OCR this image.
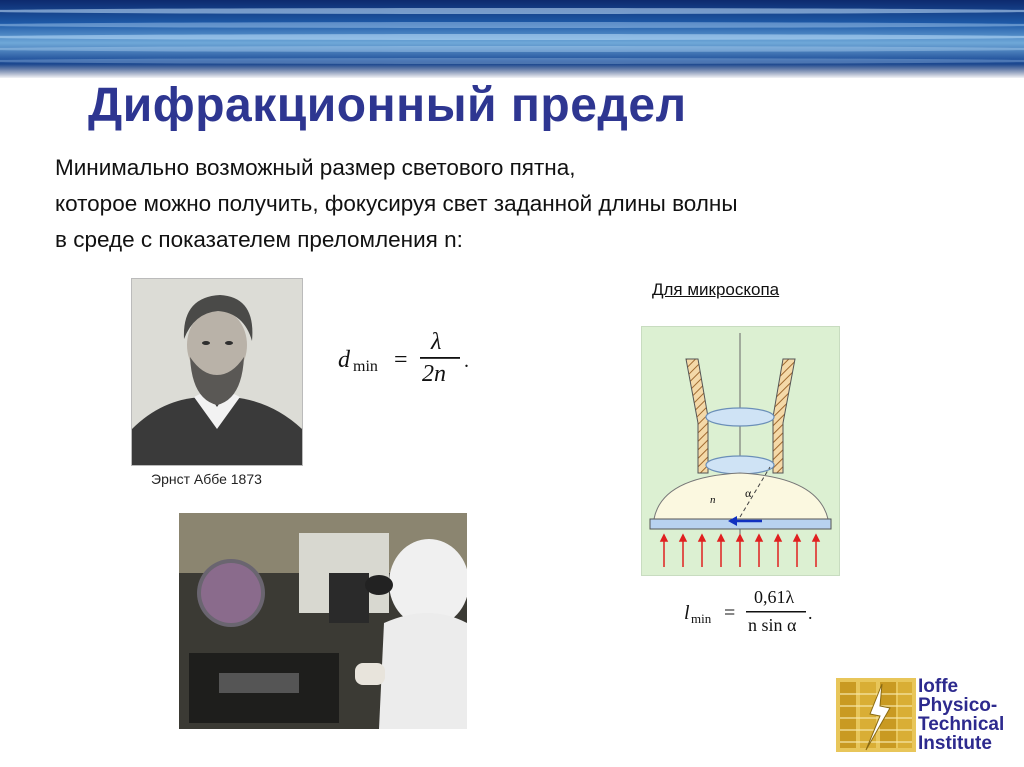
Дифракционный предел
Минимально возможный размер светового пятна,
которое можно получить, фокусируя свет заданной длины волны
в среде с показателем преломления n:
Эрнст Аббе 1873
d min =
λ
2n .
Для микроскопа
n α
l min =
0,61λ
n sin α
.
Ioffe
Physico-
Technical
Institute
